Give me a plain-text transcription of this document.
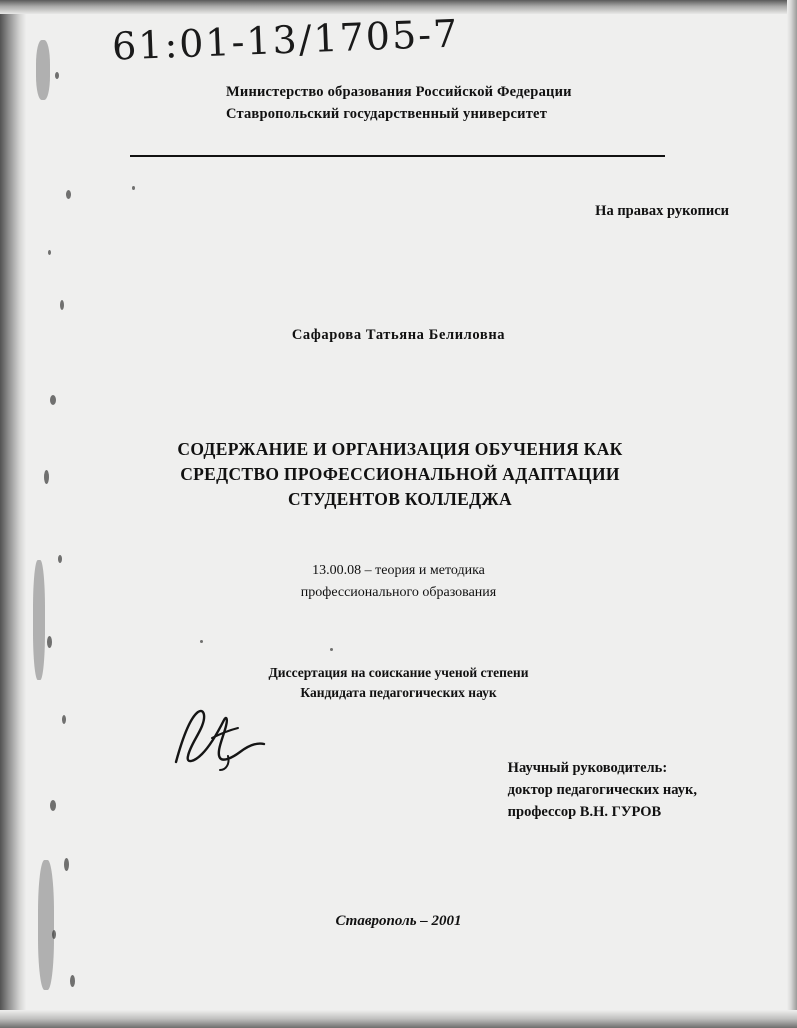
61:01-13/1705-7
Министерство образования Российской Федерации
Ставропольский государственный университет
На правах рукописи
Сафарова Татьяна Белиловна
СОДЕРЖАНИЕ И ОРГАНИЗАЦИЯ ОБУЧЕНИЯ КАК
СРЕДСТВО ПРОФЕССИОНАЛЬНОЙ АДАПТАЦИИ
СТУДЕНТОВ КОЛЛЕДЖА
13.00.08 – теория и методика
профессионального образования
Диссертация на соискание ученой степени
Кандидата педагогических наук
Научный руководитель:
доктор педагогических наук,
профессор В.Н. ГУРОВ
Ставрополь – 2001
